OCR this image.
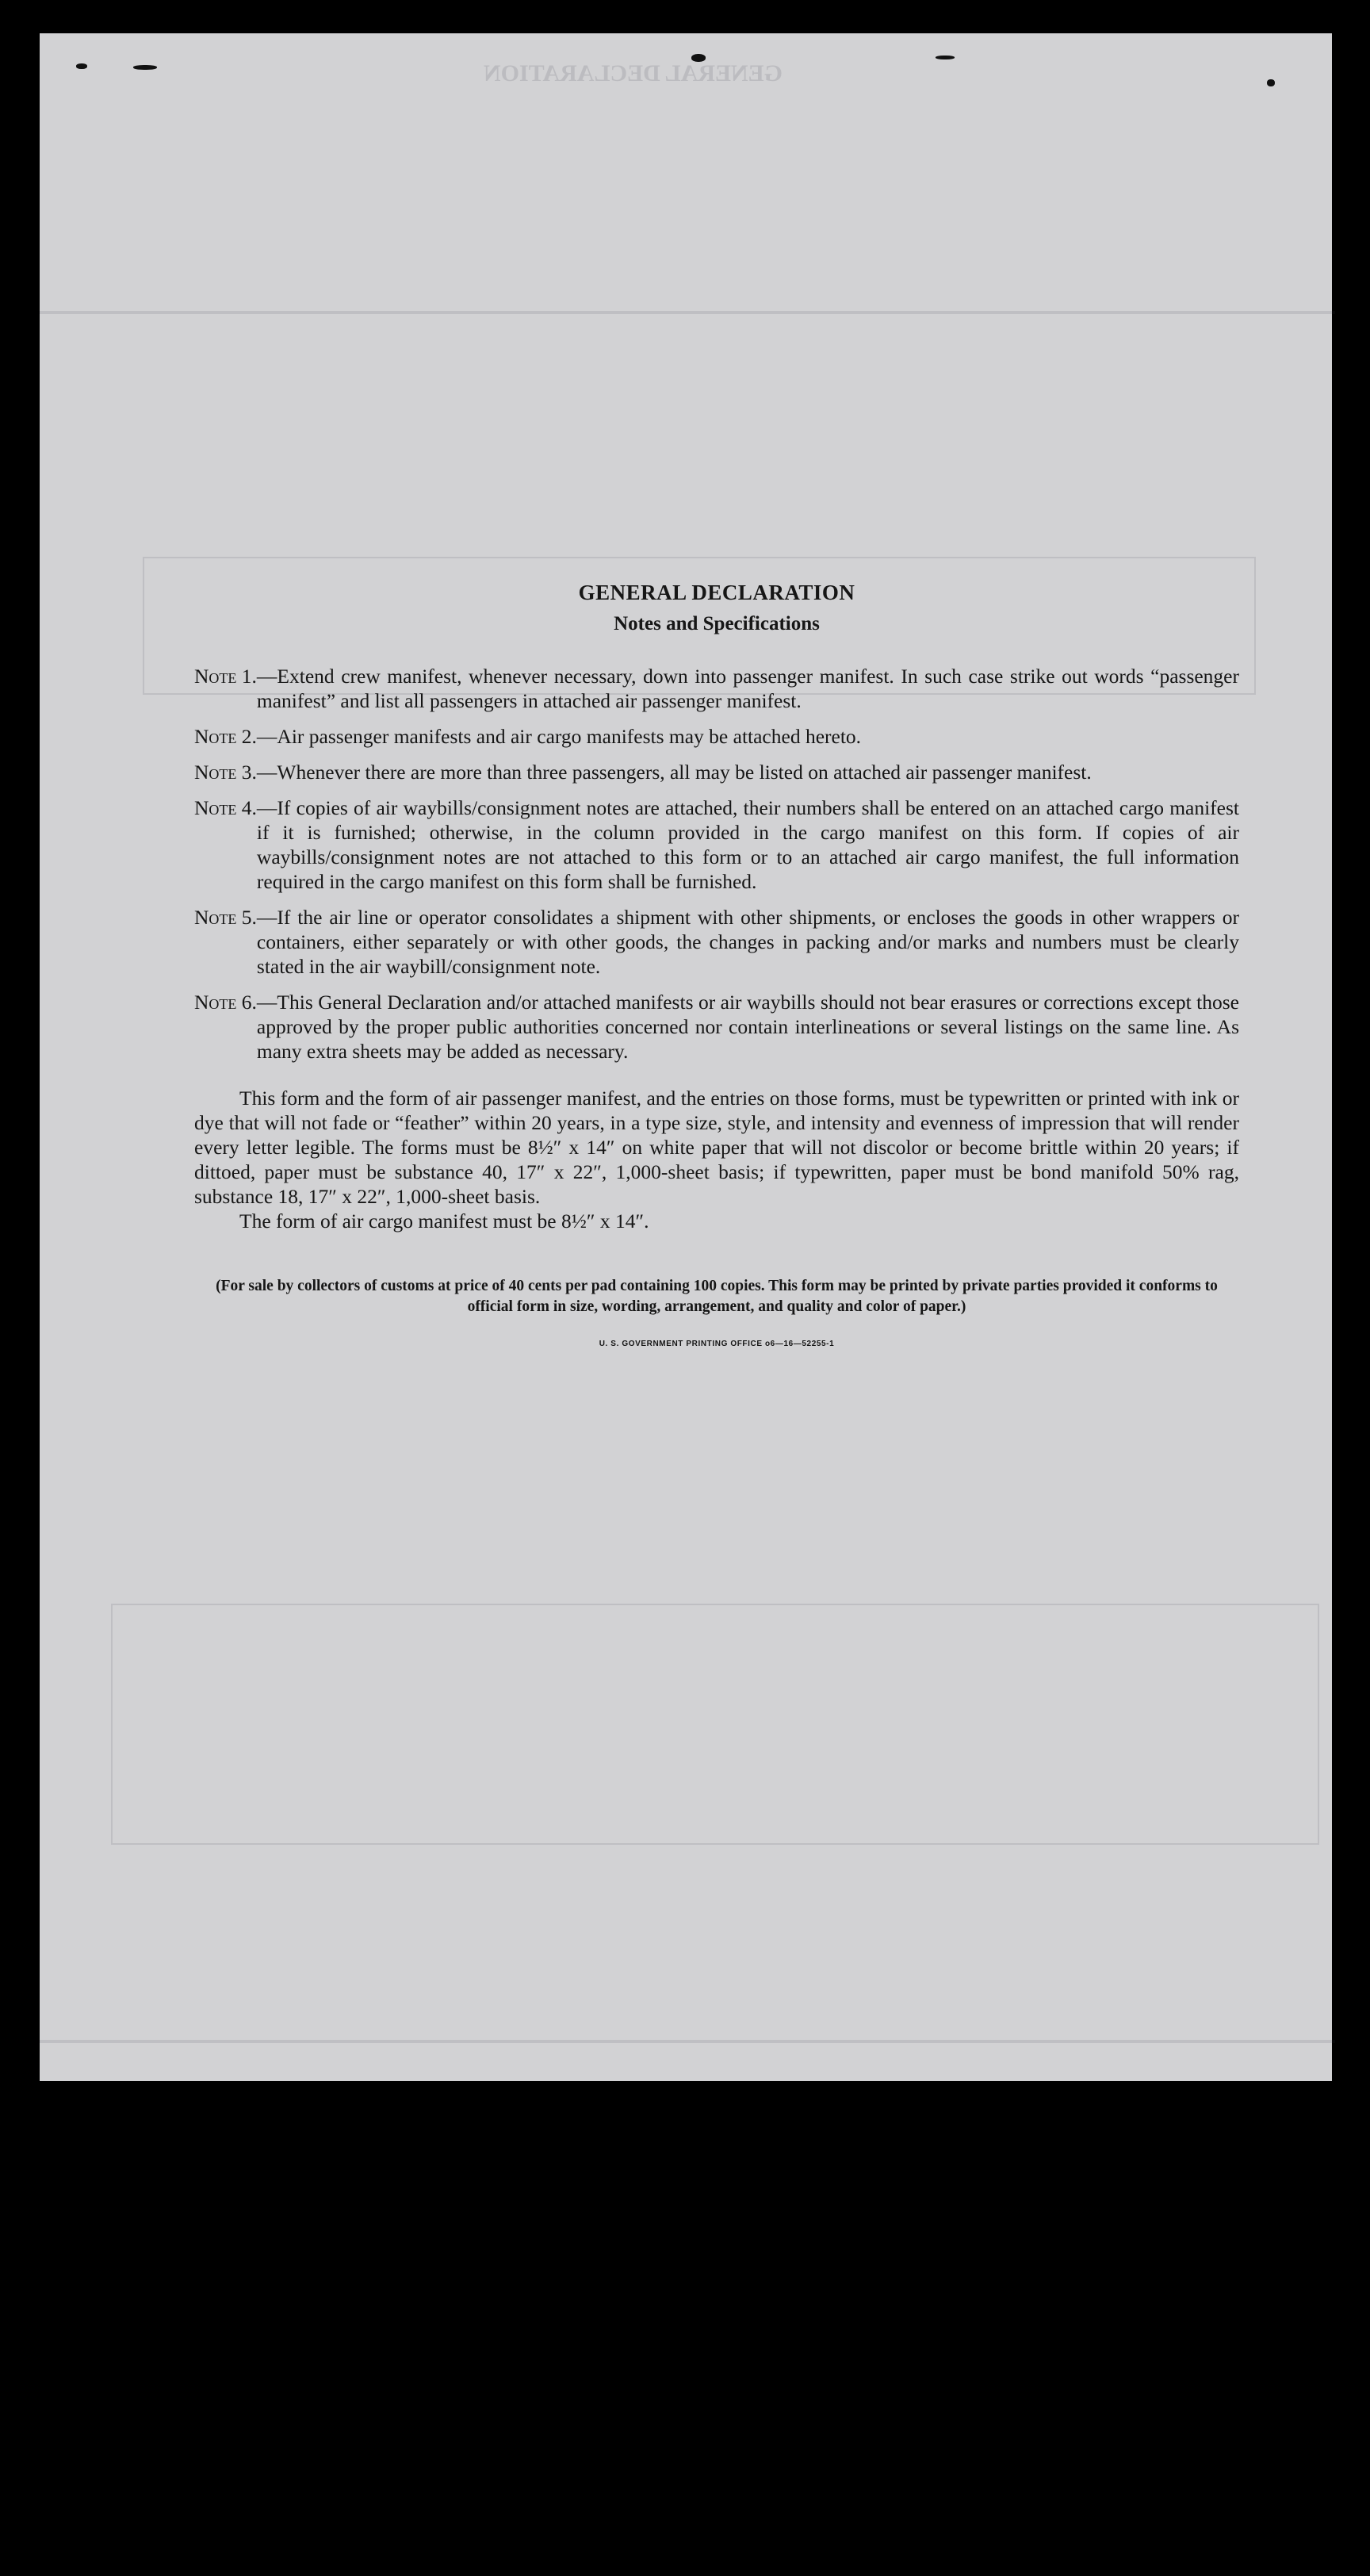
GENERAL DECLARATION
GENERAL DECLARATION
Notes and Specifications
Note 1. —Extend crew manifest, whenever necessary, down into passenger manifest. In such case strike out words “passenger manifest” and list all passengers in attached air passenger manifest.
Note 2. —Air passenger manifests and air cargo manifests may be attached hereto.
Note 3. —Whenever there are more than three passengers, all may be listed on attached air passenger manifest.
Note 4. —If copies of air waybills/consignment notes are attached, their numbers shall be entered on an attached cargo manifest if it is furnished; otherwise, in the column provided in the cargo manifest on this form. If copies of air waybills/consignment notes are not attached to this form or to an attached air cargo manifest, the full information required in the cargo manifest on this form shall be furnished.
Note 5. —If the air line or operator consolidates a shipment with other shipments, or encloses the goods in other wrappers or containers, either separately or with other goods, the changes in packing and/or marks and numbers must be clearly stated in the air waybill/consignment note.
Note 6. —This General Declaration and/or attached manifests or air waybills should not bear erasures or corrections except those approved by the proper public authorities concerned nor contain interlineations or several listings on the same line. As many extra sheets may be added as necessary.

This form and the form of air passenger manifest, and the entries on those forms, must be typewritten or printed with ink or dye that will not fade or “feather” within 20 years, in a type size, style, and intensity and evenness of impression that will render every letter legible. The forms must be 8½″ x 14″ on white paper that will not discolor or become brittle within 20 years; if dittoed, paper must be substance 40, 17″ x 22″, 1,000-sheet basis; if typewritten, paper must be bond manifold 50% rag, substance 18, 17″ x 22″, 1,000-sheet basis.

The form of air cargo manifest must be 8½″ x 14″.

(For sale by collectors of customs at price of 40 cents per pad containing 100 copies. This form may be printed by private parties provided it conforms to official form in size, wording, arrangement, and quality and color of paper.)
U. S. GOVERNMENT PRINTING OFFICE o6—16—52255-1
